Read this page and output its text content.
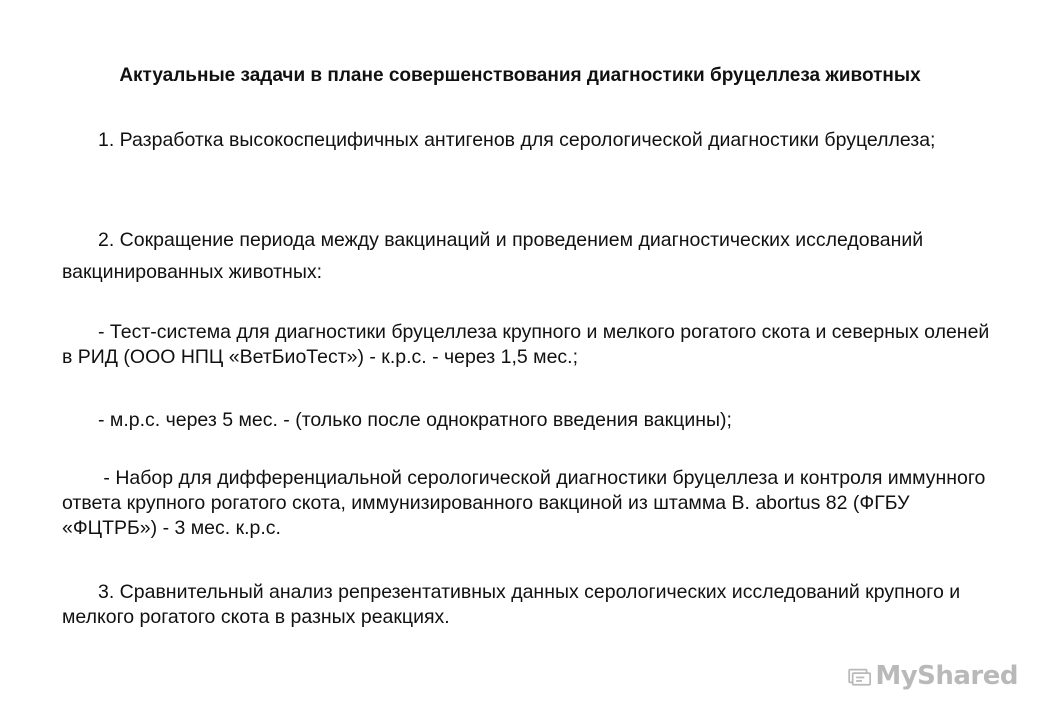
Актуальные задачи в плане совершенствования диагностики бруцеллеза животных

1. Разработка высокоспецифичных антигенов для серологической диагностики бруцеллеза;

2. Сокращение периода между вакцинаций и проведением диагностических исследований вакцинированных животных:

- Тест-система для диагностики бруцеллеза крупного и мелкого рогатого скота и северных оленей в РИД (ООО НПЦ «ВетБиоТест») - к.р.с. - через 1,5 мес.;

- м.р.с. через 5 мес. - (только после однократного введения вакцины);

- Набор для дифференциальной серологической диагностики бруцеллеза и контроля иммунного ответа крупного рогатого скота, иммунизированного вакциной из штамма B. abortus 82 (ФГБУ «ФЦТРБ») - 3 мес. к.р.с.

3. Сравнительный анализ репрезентативных данных серологических исследований крупного и мелкого рогатого скота в разных реакциях.

MyShared
